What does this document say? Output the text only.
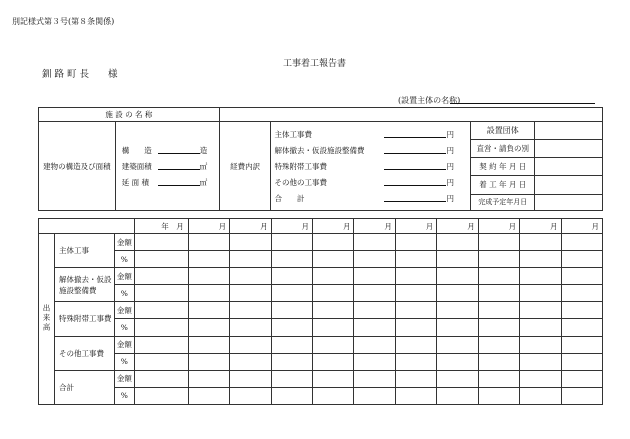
別記様式第３号(第８条関係)
工事着工報告書
釧 路 町 長　　様
(設置主体の名称)
施 設 の 名 称	
建物の構造及び面積	
構　　造	造
建築面積	㎡
延 面 積	㎡
	経費内訳	
主体工事費	円
解体撤去・仮設施設整備費	円
特殊附帯工事費	円
その他の工事費	円
合　　計	円

設置団体	
直営・請負の別	
契 約 年 月 日	
着 工 年 月 日	
完成予定年月日	
	年　月	月	月	月	月	月	月	月	月	月	月
出来高	主体工事	金額											
		%											
	解体撤去・仮設施設整備費	金額											
		%											
	特殊附帯工事費	金額											
		%											
	その他工事費	金額											
		%											
	合計	金額											
		%											
